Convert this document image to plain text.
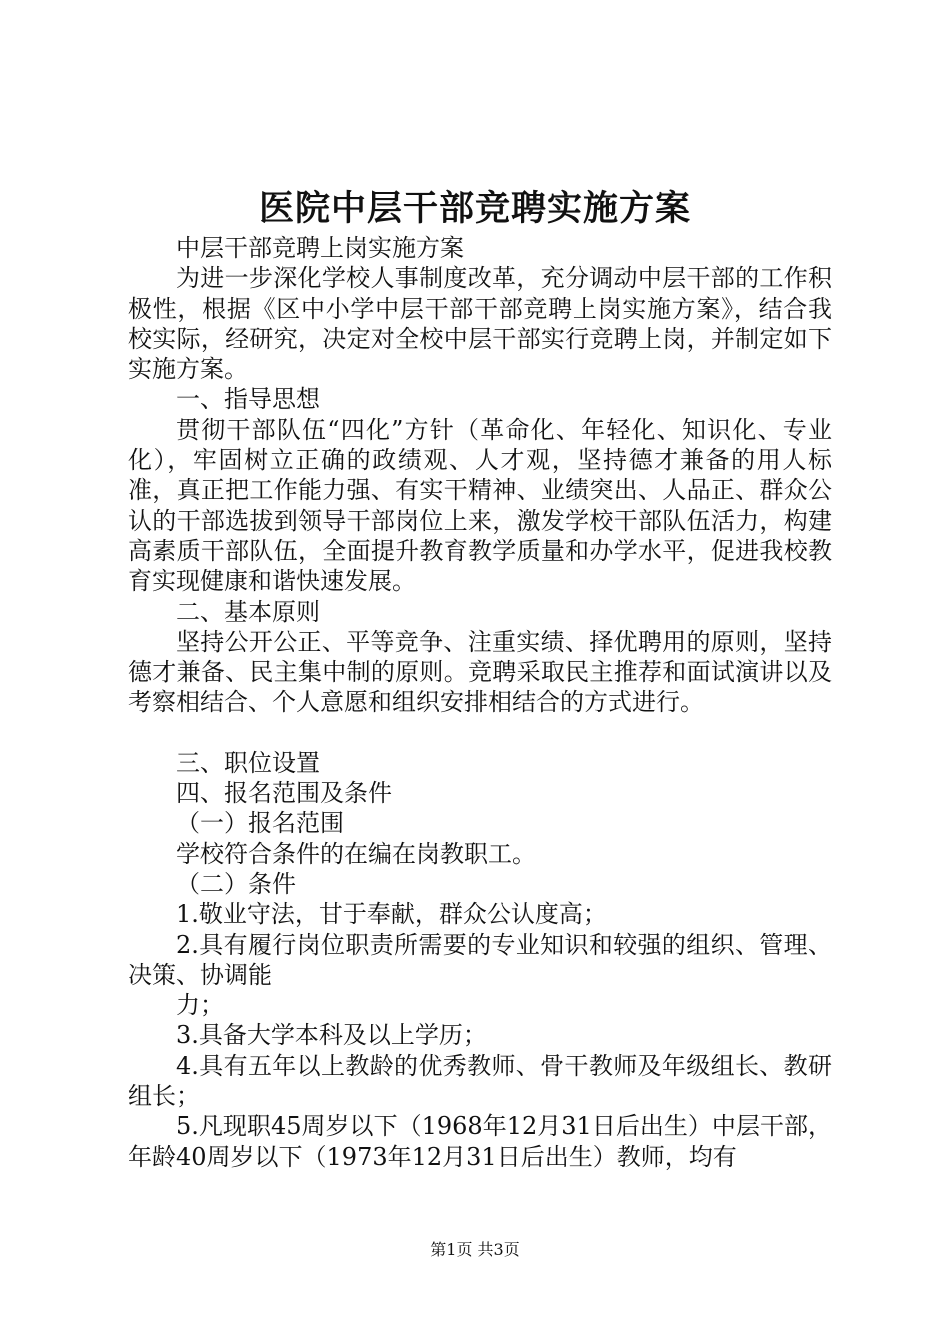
医院中层干部竞聘实施方案

中层干部竞聘上岗实施方案

为进一步深化学校人事制度改革，充分调动中层干部的工作积极性，根据《区中小学中层干部干部竞聘上岗实施方案》，结合我校实际，经研究，决定对全校中层干部实行竞聘上岗，并制定如下实施方案。

一、指导思想

贯彻干部队伍“四化”方针（革命化、年轻化、知识化、专业化），牢固树立正确的政绩观、人才观，坚持德才兼备的用人标准，真正把工作能力强、有实干精神、业绩突出、人品正、群众公认的干部选拔到领导干部岗位上来，激发学校干部队伍活力，构建高素质干部队伍，全面提升教育教学质量和办学水平，促进我校教育实现健康和谐快速发展。

二、基本原则

坚持公开公正、平等竞争、注重实绩、择优聘用的原则，坚持德才兼备、民主集中制的原则。竞聘采取民主推荐和面试演讲以及考察相结合、个人意愿和组织安排相结合的方式进行。

三、职位设置

四、报名范围及条件

（一）报名范围

学校符合条件的在编在岗教职工。

（二）条件

1.敬业守法，甘于奉献，群众公认度高；

2.具有履行岗位职责所需要的专业知识和较强的组织、管理、决策、协调能

力；

3.具备大学本科及以上学历；

4.具有五年以上教龄的优秀教师、骨干教师及年级组长、教研组长；

5.凡现职45周岁以下（1968年12月31日后出生）中层干部，年龄40周岁以下（1973年12月31日后出生）教师，均有

第1页 共3页
